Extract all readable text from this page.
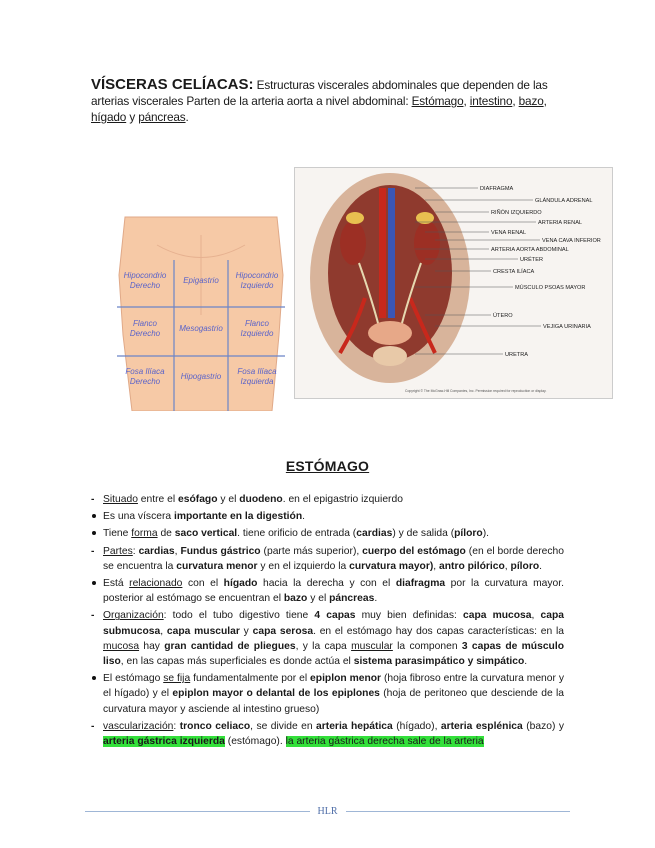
VÍSCERAS CELÍACAS: Estructuras viscerales abdominales que dependen de las arterias viscerales Parten de la arteria aorta a nivel abdominal: Estómago, intestino, bazo, hígado y páncreas.
Hipocondrio Derecho
Epigastrio
Hipocondrio Izquierdo
Flanco Derecho
Mesogastrio
Flanco Izquierdo
Fosa Ilíaca Derecho
Hipogastrio
Fosa Ilíaca Izquierda
DIAFRAGMA
GLÁNDULA ADRENAL
RIÑÓN IZQUIERDO
ARTERIA RENAL
VENA RENAL
VENA CAVA INFERIOR
ARTERIA AORTA ABDOMINAL
URÉTER
CRESTA ILÍACA
MÚSCULO PSOAS MAYOR
ÚTERO
VEJIGA URINARIA
URETRA
Copyright © The McGraw-Hill Companies, Inc. Permission required for reproduction or display.
ESTÓMAGO
- Situado entre el esófago y el duodeno. en el epigastrio izquierdo
Es una víscera importante en la digestión.
Tiene forma de saco vertical. tiene orificio de entrada (cardias) y de salida (píloro).
- Partes: cardias, Fundus gástrico (parte más superior), cuerpo del estómago (en el borde derecho se encuentra la curvatura menor y en el izquierdo la curvatura mayor), antro pilórico, píloro.
Está relacionado con el hígado hacia la derecha y con el diafragma por la curvatura mayor. posterior al estómago se encuentran el bazo y el páncreas.
- Organización: todo el tubo digestivo tiene 4 capas muy bien definidas: capa mucosa, capa submucosa, capa muscular y capa serosa. en el estómago hay dos capas características: en la mucosa hay gran cantidad de pliegues, y la capa muscular la componen 3 capas de músculo liso, en las capas más superficiales es donde actúa el sistema parasimpático y simpático.
El estómago se fija fundamentalmente por el epiplon menor (hoja fibroso entre la curvatura menor y el hígado) y el epiplon mayor o delantal de los epiplones (hoja de peritoneo que desciende de la curvatura mayor y asciende al intestino grueso)
- vascularización: tronco celiaco, se divide en arteria hepática (hígado), arteria esplénica (bazo) y arteria gástrica izquierda (estómago). la arteria gástrica derecha sale de la arteria
HLR
